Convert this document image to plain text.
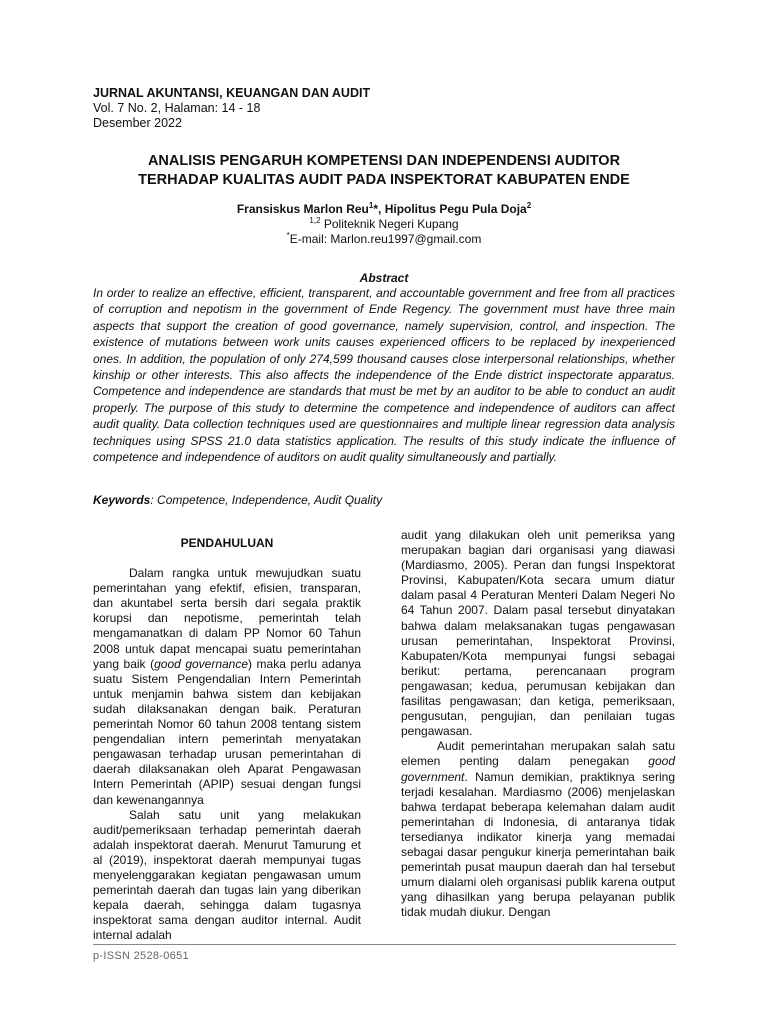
JURNAL AKUNTANSI, KEUANGAN DAN AUDIT
Vol. 7 No. 2, Halaman: 14 - 18
Desember 2022
ANALISIS PENGARUH KOMPETENSI DAN INDEPENDENSI AUDITOR
TERHADAP KUALITAS AUDIT PADA INSPEKTORAT KABUPATEN ENDE
Fransiskus Marlon Reu$^1$*, Hipolitus Pegu Pula Doja$^2$
$^{1,2}$ Politeknik Negeri Kupang
*E-mail: Marlon.reu1997@gmail.com
Abstract

In order to realize an effective, efficient, transparent, and accountable government and free from all practices of corruption and nepotism in the government of Ende Regency. The government must have three main aspects that support the creation of good governance, namely supervision, control, and inspection. The existence of mutations between work units causes experienced officers to be replaced by inexperienced ones. In addition, the population of only 274,599 thousand causes close interpersonal relationships, whether kinship or other interests. This also affects the independence of the Ende district inspectorate apparatus. Competence and independence are standards that must be met by an auditor to be able to conduct an audit properly. The purpose of this study to determine the competence and independence of auditors can affect audit quality. Data collection techniques used are questionnaires and multiple linear regression data analysis techniques using SPSS 21.0 data statistics application. The results of this study indicate the influence of competence and independence of auditors on audit quality simultaneously and partially.

Keywords: Competence, Independence, Audit Quality
PENDAHULUAN

Dalam rangka untuk mewujudkan suatu pemerintahan yang efektif, efisien, transparan, dan akuntabel serta bersih dari segala praktik korupsi dan nepotisme, pemerintah telah mengamanatkan di dalam PP Nomor 60 Tahun 2008 untuk dapat mencapai suatu pemerintahan yang baik (good governance) maka perlu adanya suatu Sistem Pengendalian Intern Pemerintah untuk menjamin bahwa sistem dan kebijakan sudah dilaksanakan dengan baik. Peraturan pemerintah Nomor 60 tahun 2008 tentang sistem pengendalian intern pemerintah menyatakan pengawasan terhadap urusan pemerintahan di daerah dilaksanakan oleh Aparat Pengawasan Intern Pemerintah (APIP) sesuai dengan fungsi dan kewenangannya

Salah satu unit yang melakukan audit/pemeriksaan terhadap pemerintah daerah adalah inspektorat daerah. Menurut Tamurung et al (2019), inspektorat daerah mempunyai tugas menyelenggarakan kegiatan pengawasan umum pemerintah daerah dan tugas lain yang diberikan kepala daerah, sehingga dalam tugasnya inspektorat sama dengan auditor internal. Audit internal adalah

audit yang dilakukan oleh unit pemeriksa yang merupakan bagian dari organisasi yang diawasi (Mardiasmo, 2005). Peran dan fungsi Inspektorat Provinsi, Kabupaten/Kota secara umum diatur dalam pasal 4 Peraturan Menteri Dalam Negeri No 64 Tahun 2007. Dalam pasal tersebut dinyatakan bahwa dalam melaksanakan tugas pengawasan urusan pemerintahan, Inspektorat Provinsi, Kabupaten/Kota mempunyai fungsi sebagai berikut: pertama, perencanaan program pengawasan; kedua, perumusan kebijakan dan fasilitas pengawasan; dan ketiga, pemeriksaan, pengusutan, pengujian, dan penilaian tugas pengawasan.

Audit pemerintahan merupakan salah satu elemen penting dalam penegakan good government. Namun demikian, praktiknya sering terjadi kesalahan. Mardiasmo (2006) menjelaskan bahwa terdapat beberapa kelemahan dalam audit pemerintahan di Indonesia, di antaranya tidak tersedianya indikator kinerja yang memadai sebagai dasar pengukur kinerja pemerintahan baik pemerintah pusat maupun daerah dan hal tersebut umum dialami oleh organisasi publik karena output yang dihasilkan yang berupa pelayanan publik tidak mudah diukur. Dengan

p-ISSN 2528-0651
